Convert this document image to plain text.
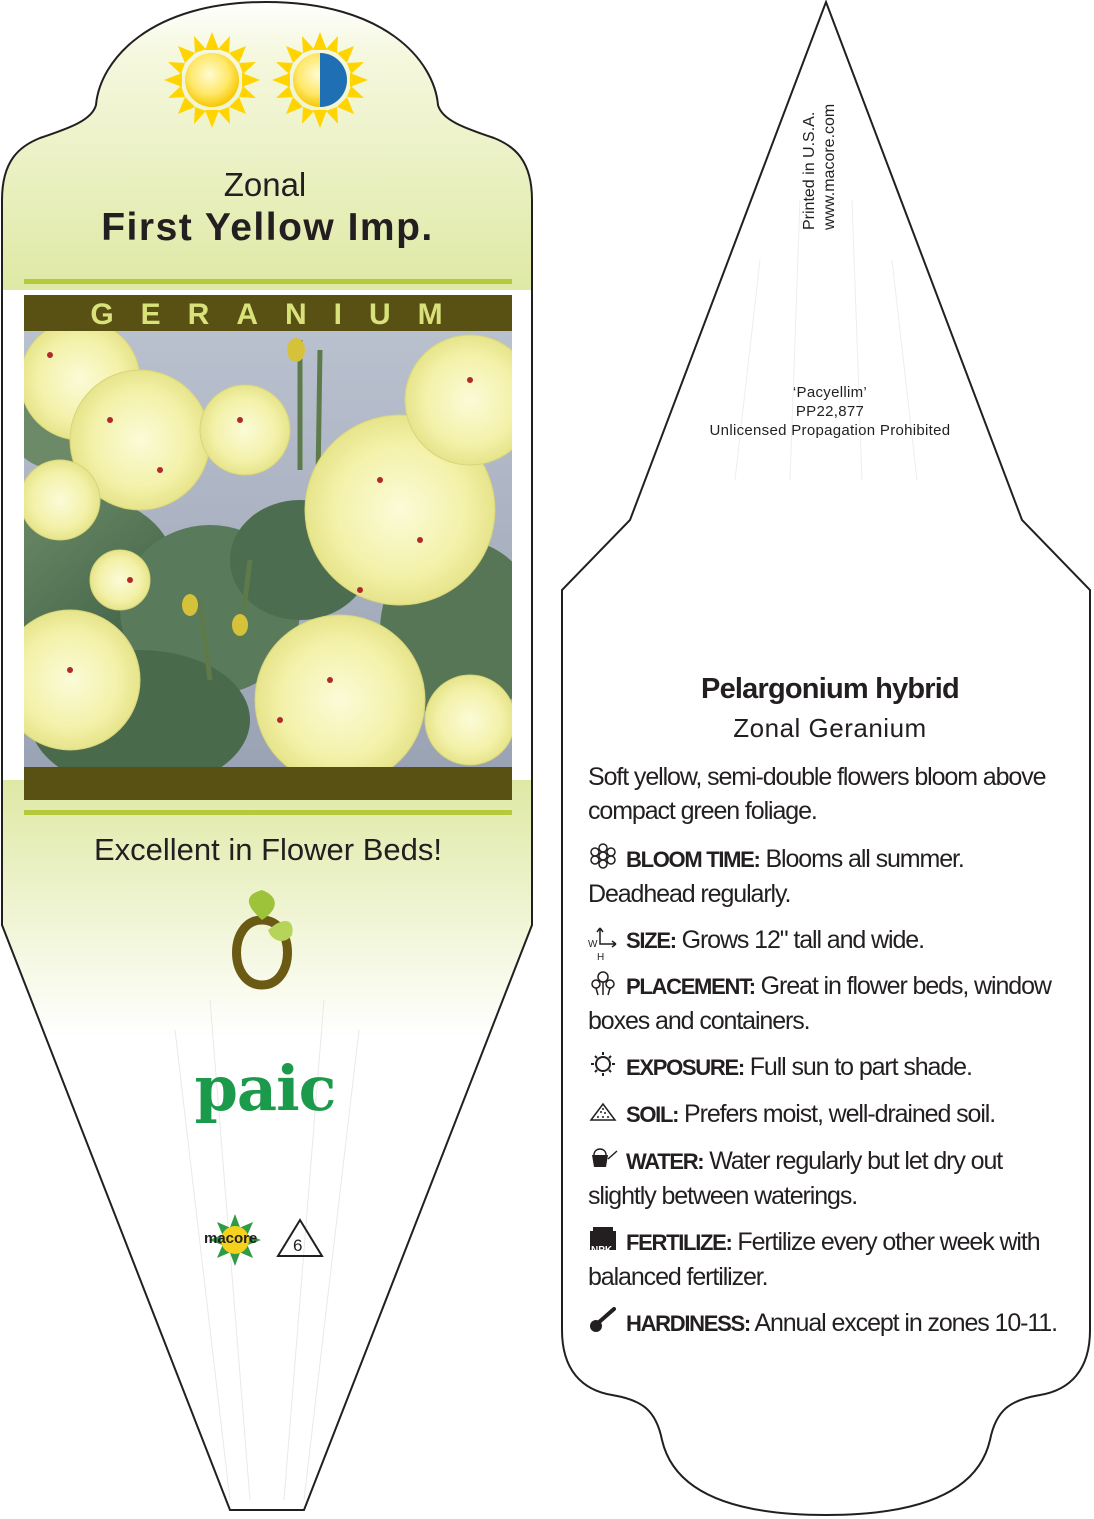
Zonal
First Yellow Imp.
GERANIUM
Excellent in Flower Beds!
paic
macore 6
Printed in U.S.A. www.macore.com
‘Pacyellim’
PP22,877
Unlicensed Propagation Prohibited
Pelargonium hybrid
Zonal Geranium
Soft yellow, semi-double flowers bloom above compact green foliage.
BLOOM TIME: Blooms all summer. Deadhead regularly.
W
H
SIZE: Grows 12" tall and wide.
PLACEMENT: Great in flower beds, window boxes and containers.
EXPOSURE: Full sun to part shade.
SOIL: Prefers moist, well-drained soil.
WATER: Water regularly but let dry out slightly between waterings.
NPK FERTILIZE: Fertilize every other week with balanced fertilizer.
HARDINESS: Annual except in zones 10-11.
